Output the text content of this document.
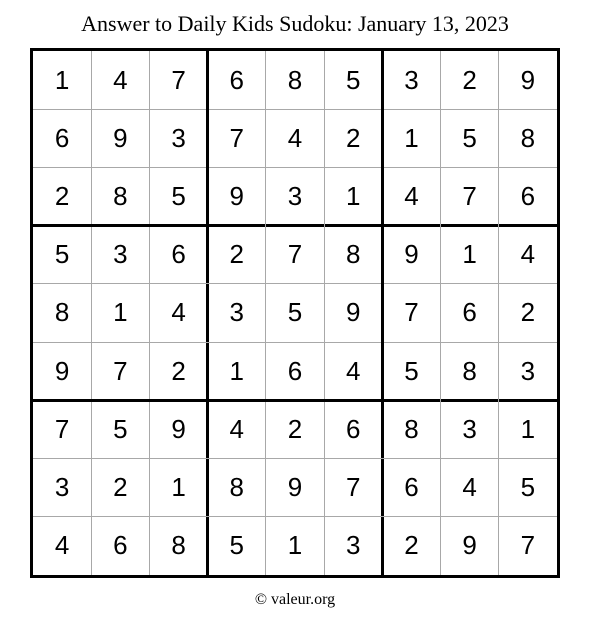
Answer to Daily Kids Sudoku: January 13, 2023
1	4	7	6	8	5	3	2	9
6	9	3	7	4	2	1	5	8
2	8	5	9	3	1	4	7	6
5	3	6	2	7	8	9	1	4
8	1	4	3	5	9	7	6	2
9	7	2	1	6	4	5	8	3
7	5	9	4	2	6	8	3	1
3	2	1	8	9	7	6	4	5
4	6	8	5	1	3	2	9	7
© valeur.org
